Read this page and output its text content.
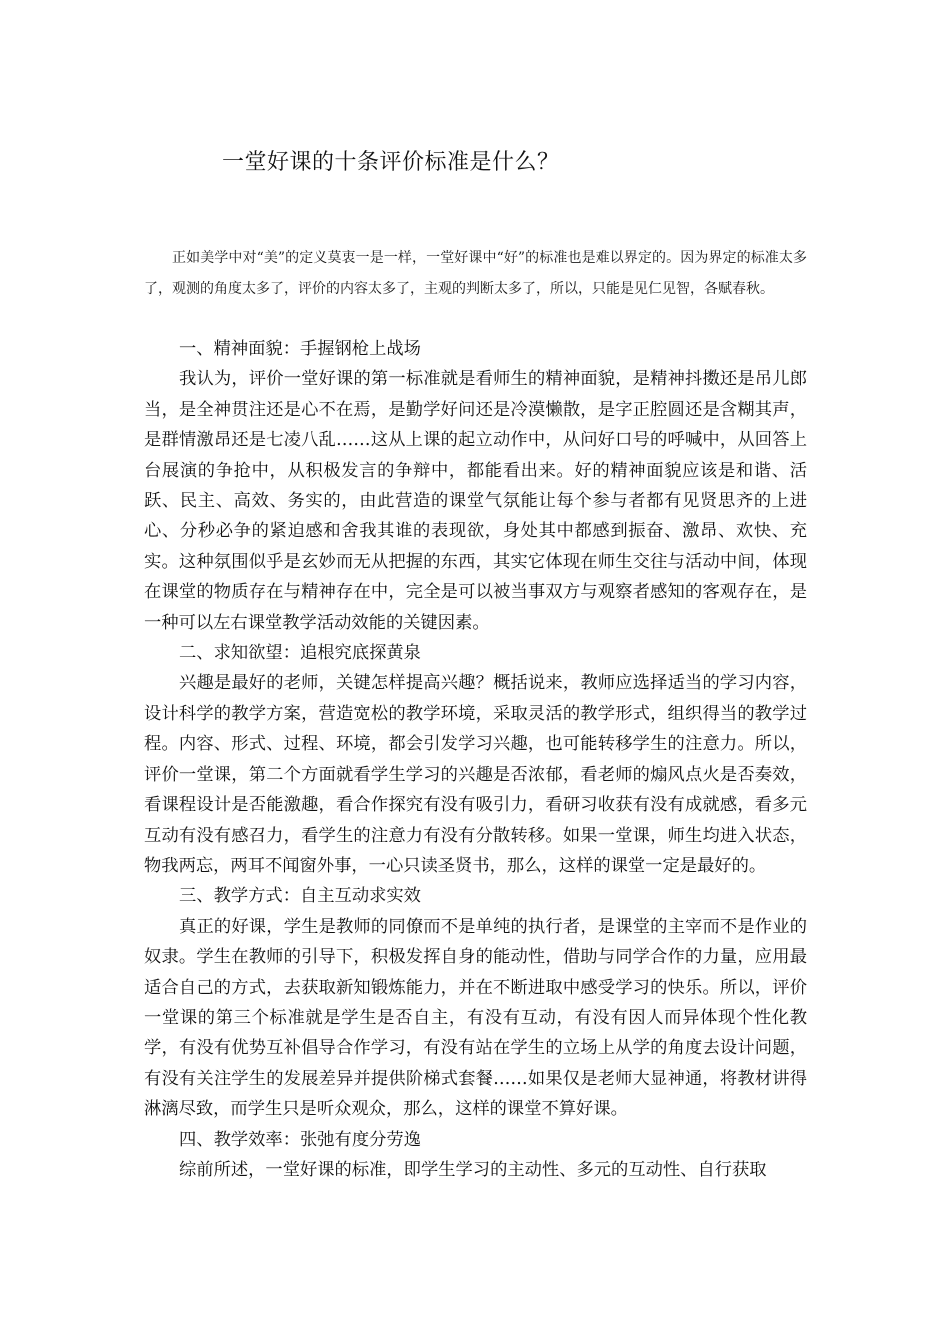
一堂好课的十条评价标准是什么？

正如美学中对“美”的定义莫衷一是一样，一堂好课中“好”的标准也是难以界定的。因为界定的标准太多了，观测的角度太多了，评价的内容太多了，主观的判断太多了，所以，只能是见仁见智，各赋春秋。

一、精神面貌：手握钢枪上战场

我认为，评价一堂好课的第一标准就是看师生的精神面貌，是精神抖擞还是吊儿郎当，是全神贯注还是心不在焉，是勤学好问还是冷漠懒散，是字正腔圆还是含糊其声，是群情激昂还是七凌八乱……这从上课的起立动作中，从问好口号的呼喊中，从回答上台展演的争抢中，从积极发言的争辩中，都能看出来。好的精神面貌应该是和谐、活跃、民主、高效、务实的，由此营造的课堂气氛能让每个参与者都有见贤思齐的上进心、分秒必争的紧迫感和舍我其谁的表现欲，身处其中都感到振奋、激昂、欢快、充实。这种氛围似乎是玄妙而无从把握的东西，其实它体现在师生交往与活动中间，体现在课堂的物质存在与精神存在中，完全是可以被当事双方与观察者感知的客观存在，是一种可以左右课堂教学活动效能的关键因素。

二、求知欲望：追根究底探黄泉

兴趣是最好的老师，关键怎样提高兴趣？概括说来，教师应选择适当的学习内容，设计科学的教学方案，营造宽松的教学环境，采取灵活的教学形式，组织得当的教学过程。内容、形式、过程、环境，都会引发学习兴趣，也可能转移学生的注意力。所以，评价一堂课，第二个方面就看学生学习的兴趣是否浓郁，看老师的煽风点火是否奏效，看课程设计是否能激趣，看合作探究有没有吸引力，看研习收获有没有成就感，看多元互动有没有感召力，看学生的注意力有没有分散转移。如果一堂课，师生均进入状态，物我两忘，两耳不闻窗外事，一心只读圣贤书，那么，这样的课堂一定是最好的。

三、教学方式：自主互动求实效

真正的好课，学生是教师的同僚而不是单纯的执行者，是课堂的主宰而不是作业的奴隶。学生在教师的引导下，积极发挥自身的能动性，借助与同学合作的力量，应用最适合自己的方式，去获取新知锻炼能力，并在不断进取中感受学习的快乐。所以，评价一堂课的第三个标准就是学生是否自主，有没有互动，有没有因人而异体现个性化教学，有没有优势互补倡导合作学习，有没有站在学生的立场上从学的角度去设计问题，有没有关注学生的发展差异并提供阶梯式套餐……如果仅是老师大显神通，将教材讲得淋漓尽致，而学生只是听众观众，那么，这样的课堂不算好课。

四、教学效率：张弛有度分劳逸

综前所述，一堂好课的标准，即学生学习的主动性、多元的互动性、自行获取
